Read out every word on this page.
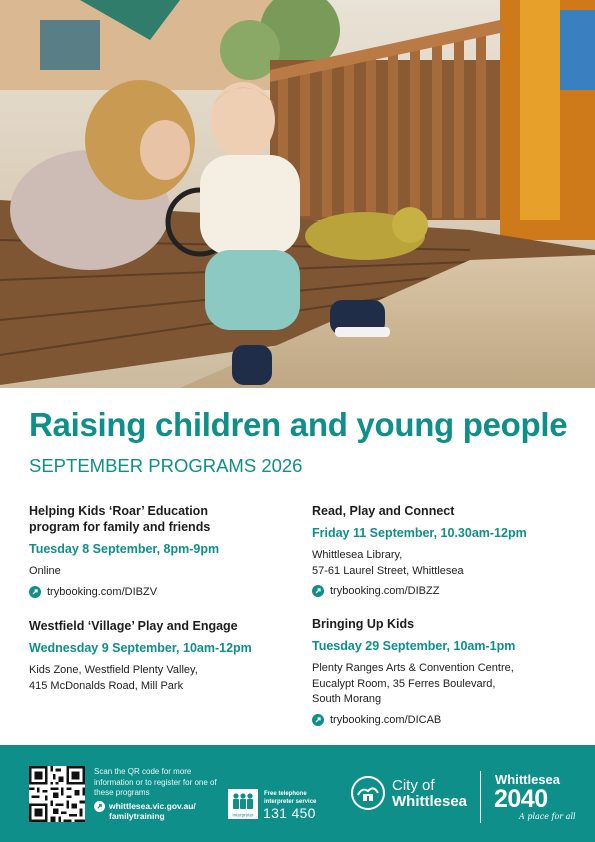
Raising children and young people
SEPTEMBER PROGRAMS 2026
Helping Kids ‘Roar’ Education program for family and friends
Tuesday 8 September, 8pm-9pm
Online
trybooking.com/DIBZV
Westfield ‘Village’ Play and Engage
Wednesday 9 September, 10am-12pm
Kids Zone, Westfield Plenty Valley,
415 McDonalds Road, Mill Park
Read, Play and Connect
Friday 11 September, 10.30am-12pm
Whittlesea Library,
57-61 Laurel Street, Whittlesea
trybooking.com/DIBZZ
Bringing Up Kids
Tuesday 29 September, 10am-1pm
Plenty Ranges Arts & Convention Centre,
Eucalypt Room, 35 Ferres Boulevard,
South Morang
trybooking.com/DICAB
Scan the QR code for more information or to register for one of these programs
whittlesea.vic.gov.au/ familytraining	Interpreter
Free telephone interpreter service
131 450
City of
Whittlesea
Whittlesea
2040
A place for all
